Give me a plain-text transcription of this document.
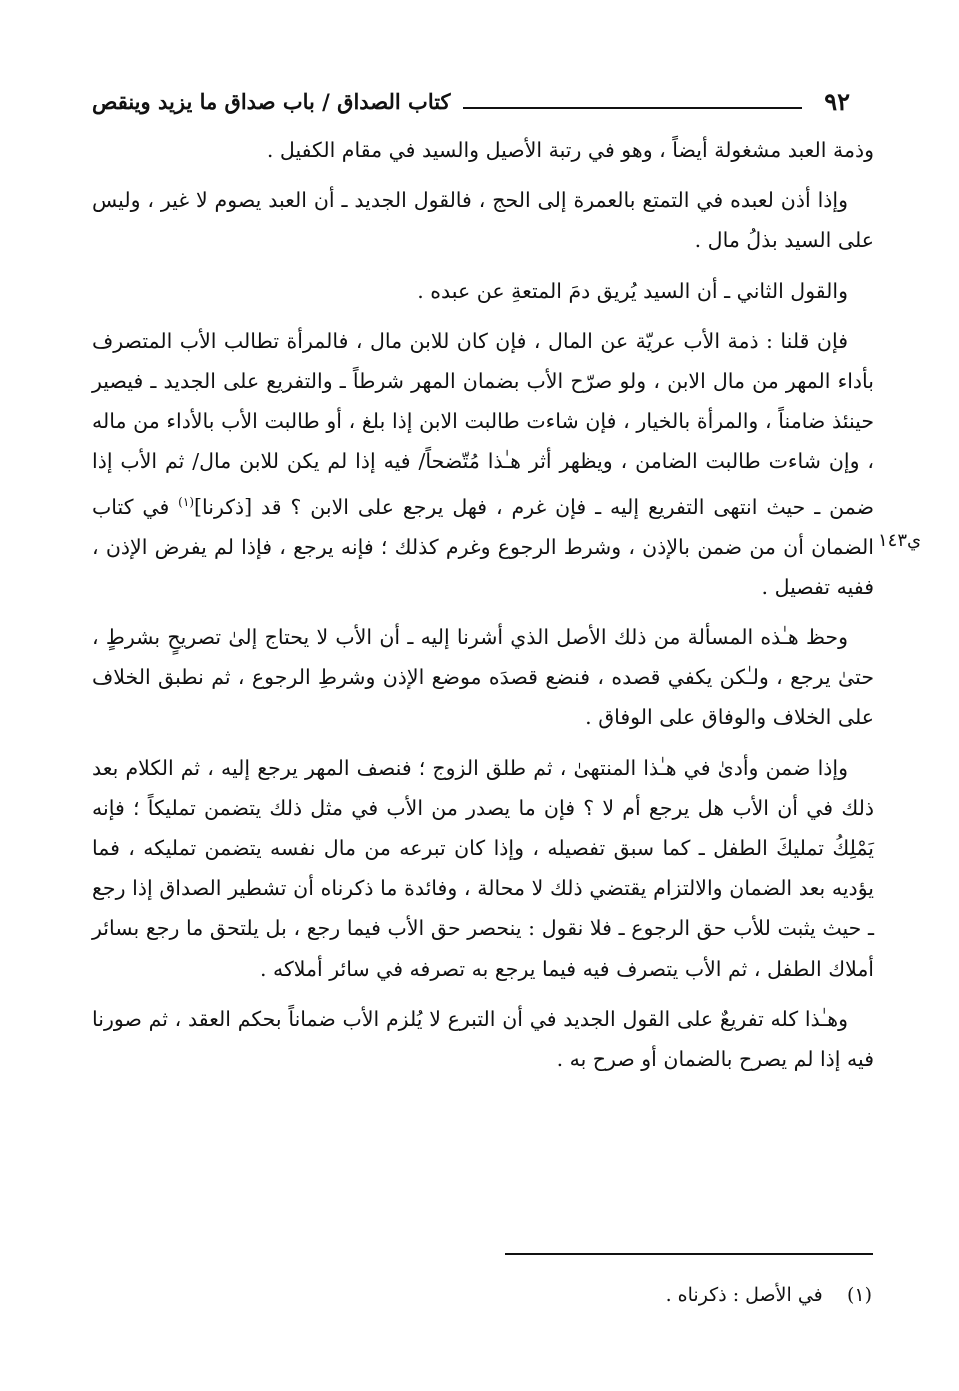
٩٢
كتاب الصداق / باب صداق ما يزيد وينقص
ي١٤٣

وذمة العبد مشغولة أيضاً ، وهو في رتبة الأصيل والسيد في مقام الكفيل .

وإذا أذن لعبده في التمتع بالعمرة إلى الحج ، فالقول الجديد ـ أن العبد يصوم لا غير ، وليس على السيد بذلُ مال .

والقول الثاني ـ أن السيد يُريق دمَ المتعةِ عن عبده .

فإن قلنا : ذمة الأب عريّة عن المال ، فإن كان للابن مال ، فالمرأة تطالب الأب المتصرف بأداء المهر من مال الابن ، ولو صرّح الأب بضمان المهر شرطاً ـ والتفريع على الجديد ـ فيصير حينئذ ضامناً ، والمرأة بالخيار ، فإن شاءت طالبت الابن إذا بلغ ، أو طالبت الأب بالأداء من ماله ، وإن شاءت طالبت الضامن ، ويظهر أثر هـٰذا مُتّضحاً/ فيه إذا لم يكن للابن مال/ ثم الأب إذا ضمن ـ حيث انتهى التفريع إليه ـ فإن غرم ، فهل يرجع على الابن ؟ قد [ذكرنا]$^{(١)}$ في كتاب الضمان أن من ضمن بالإذن ، وشرط الرجوع وغرم كذلك ؛ فإنه يرجع ، فإذا لم يفرض الإذن ، ففيه تفصيل .

وحظ هـٰذه المسألة من ذلك الأصل الذي أشرنا إليه ـ أن الأب لا يحتاج إلىٰ تصريحٍ بشرطٍ ، حتىٰ يرجع ، ولـٰكن يكفي قصده ، فنضع قصدَه موضع الإذن وشرطِ الرجوع ، ثم نطبق الخلاف على الخلاف والوفاق على الوفاق .

وإذا ضمن وأدىٰ في هـٰذا المنتهىٰ ، ثم طلق الزوج ؛ فنصف المهر يرجع إليه ، ثم الكلام بعد ذلك في أن الأب هل يرجع أم لا ؟ فإن ما يصدر من الأب في مثل ذلك يتضمن تمليكاً ؛ فإنه يَمْلِكُ تمليكَ الطفل ـ كما سبق تفصيله ، وإذا كان تبرعه من مال نفسه يتضمن تمليكه ، فما يؤديه بعد الضمان والالتزام يقتضي ذلك لا محالة ، وفائدة ما ذكرناه أن تشطير الصداق إذا رجع ـ حيث يثبت للأب حق الرجوع ـ فلا نقول : ينحصر حق الأب فيما رجع ، بل يلتحق ما رجع بسائر أملاك الطفل ، ثم الأب يتصرف فيه فيما يرجع به تصرفه في سائر أملاكه .

وهـٰذا كله تفريعٌ على القول الجديد في أن التبرع لا يُلزم الأب ضماناً بحكم العقد ، ثم صورنا فيه إذا لم يصرح بالضمان أو صرح به .

(١)    في الأصل : ذكرناه .
